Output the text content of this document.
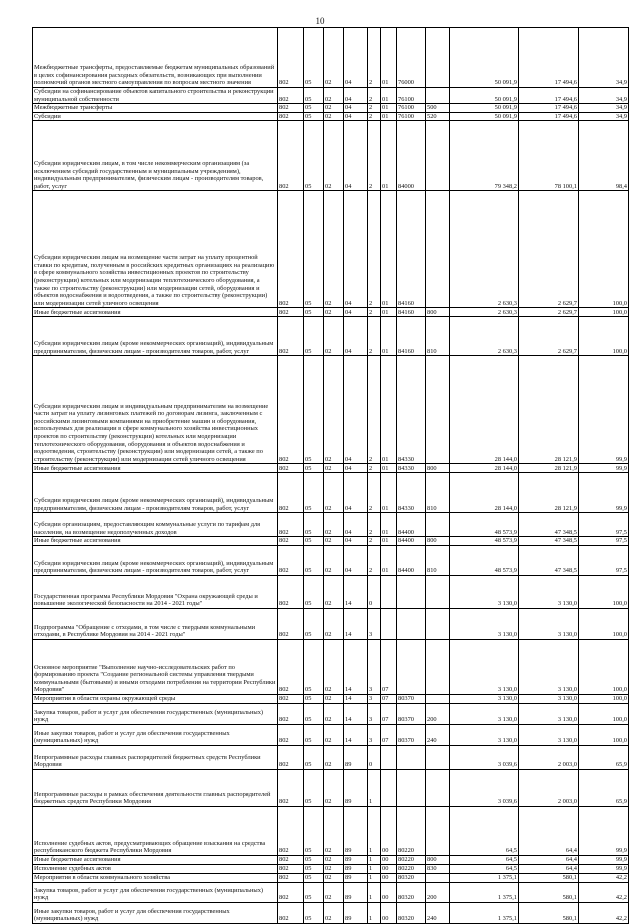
10
Межбюджетные трансферты, предоставляемые бюджетам муниципальных образований в целях софинансирования расходных обязательств, возникающих при выполнении полномочий органов местного самоуправления по вопросам местного значения	802	05	02	04	2	01	76000		50 091,9	17 494,6	34,9
Субсидии на софинансирование объектов капитального строительства и реконструкции муниципальной собственности	802	05	02	04	2	01	76100		50 091,9	17 494,6	34,9
Межбюджетные трансферты	802	05	02	04	2	01	76100	500	50 091,9	17 494,6	34,9
Субсидии	802	05	02	04	2	01	76100	520	50 091,9	17 494,6	34,9
Субсидии юридическим лицам, в том числе некоммерческим организациям (за исключением субсидий государственным и муниципальным учреждениям), индивидуальным предпринимателям, физическим лицам - производителям товаров, работ, услуг	802	05	02	04	2	01	84000		79 348,2	78 100,1	98,4
Субсидии юридическим лицам на возмещение части затрат на уплату процентной ставки по кредитам, полученным в российских кредитных организациях на реализацию в сфере коммунального хозяйства инвестиционных проектов по строительству (реконструкции) котельных или модернизации теплотехнического оборудования, а также по строительству (реконструкции) или модернизации сетей, оборудования и объектов водоснабжения и водоотведения, а также по строительству (реконструкции) или модернизации сетей уличного освещения	802	05	02	04	2	01	84160		2 630,3	2 629,7	100,0
Иные бюджетные ассигнования	802	05	02	04	2	01	84160	800	2 630,3	2 629,7	100,0
Субсидии юридическим лицам (кроме некоммерческих организаций), индивидуальным предпринимателям, физическим лицам - производителям товаров, работ, услуг	802	05	02	04	2	01	84160	810	2 630,3	2 629,7	100,0
Субсидии юридическим лицам и индивидуальным предпринимателям на возмещение части затрат на уплату лизинговых платежей по договорам лизинга, заключенным с российскими лизинговыми компаниями на приобретение машин и оборудования, используемых для реализации в сфере коммунального хозяйства инвестиционных проектов по строительству (реконструкции) котельных или модернизации теплотехнического оборудования, оборудования и объектов водоснабжения и водоотведения, строительству (реконструкции) или модернизации сетей, а также по строительству (реконструкции) или модернизации сетей уличного освещения	802	05	02	04	2	01	84330		28 144,0	28 121,9	99,9
Иные бюджетные ассигнования	802	05	02	04	2	01	84330	800	28 144,0	28 121,9	99,9
Субсидии юридическим лицам (кроме некоммерческих организаций), индивидуальным предпринимателям, физическим лицам - производителям товаров, работ, услуг	802	05	02	04	2	01	84330	810	28 144,0	28 121,9	99,9
Субсидии организациям, предоставляющим коммунальные услуги по тарифам для населения, на возмещение недополученных доходов	802	05	02	04	2	01	84400		48 573,9	47 348,5	97,5
Иные бюджетные ассигнования	802	05	02	04	2	01	84400	800	48 573,9	47 348,5	97,5
Субсидии юридическим лицам (кроме некоммерческих организаций), индивидуальным предпринимателям, физическим лицам - производителям товаров, работ, услуг	802	05	02	04	2	01	84400	810	48 573,9	47 348,5	97,5
Государственная программа Республики Мордовия "Охрана окружающей среды и повышение экологической безопасности на 2014 - 2021 годы"	802	05	02	14	0				3 130,0	3 130,0	100,0
Подпрограмма "Обращение с отходами, в том числе с твердыми коммунальными отходами, в Республике Мордовия на 2014 - 2021 годы"	802	05	02	14	3				3 130,0	3 130,0	100,0
Основное мероприятие "Выполнение научно-исследовательских работ по формированию проекта "Создание региональной системы управления твердыми коммунальными (бытовыми) и иными отходами потребления на территории Республики Мордовия"	802	05	02	14	3	07			3 130,0	3 130,0	100,0
Мероприятия в области охраны окружающей среды	802	05	02	14	3	07	80370		3 130,0	3 130,0	100,0
Закупка товаров, работ и услуг для обеспечения государственных (муниципальных) нужд	802	05	02	14	3	07	80370	200	3 130,0	3 130,0	100,0
Иные закупки товаров, работ и услуг для обеспечения государственных (муниципальных) нужд	802	05	02	14	3	07	80370	240	3 130,0	3 130,0	100,0
Непрограммные расходы главных распорядителей бюджетных средств Республики Мордовия	802	05	02	89	0				3 039,6	2 003,0	65,9
Непрограммные расходы в рамках обеспечения деятельности главных распорядителей бюджетных средств Республики Мордовия	802	05	02	89	1				3 039,6	2 003,0	65,9
Исполнение судебных актов, предусматривающих обращение взыскания на средства республиканского бюджета Республики Мордовия	802	05	02	89	1	00	80220		64,5	64,4	99,9
Иные бюджетные ассигнования	802	05	02	89	1	00	80220	800	64,5	64,4	99,9
Исполнение судебных актов	802	05	02	89	1	00	80220	830	64,5	64,4	99,9
Мероприятия в области коммунального хозяйства	802	05	02	89	1	00	80320		1 375,1	580,1	42,2
Закупка товаров, работ и услуг для обеспечения государственных (муниципальных) нужд	802	05	02	89	1	00	80320	200	1 375,1	580,1	42,2
Иные закупки товаров, работ и услуг для обеспечения государственных (муниципальных) нужд	802	05	02	89	1	00	80320	240	1 375,1	580,1	42,2
